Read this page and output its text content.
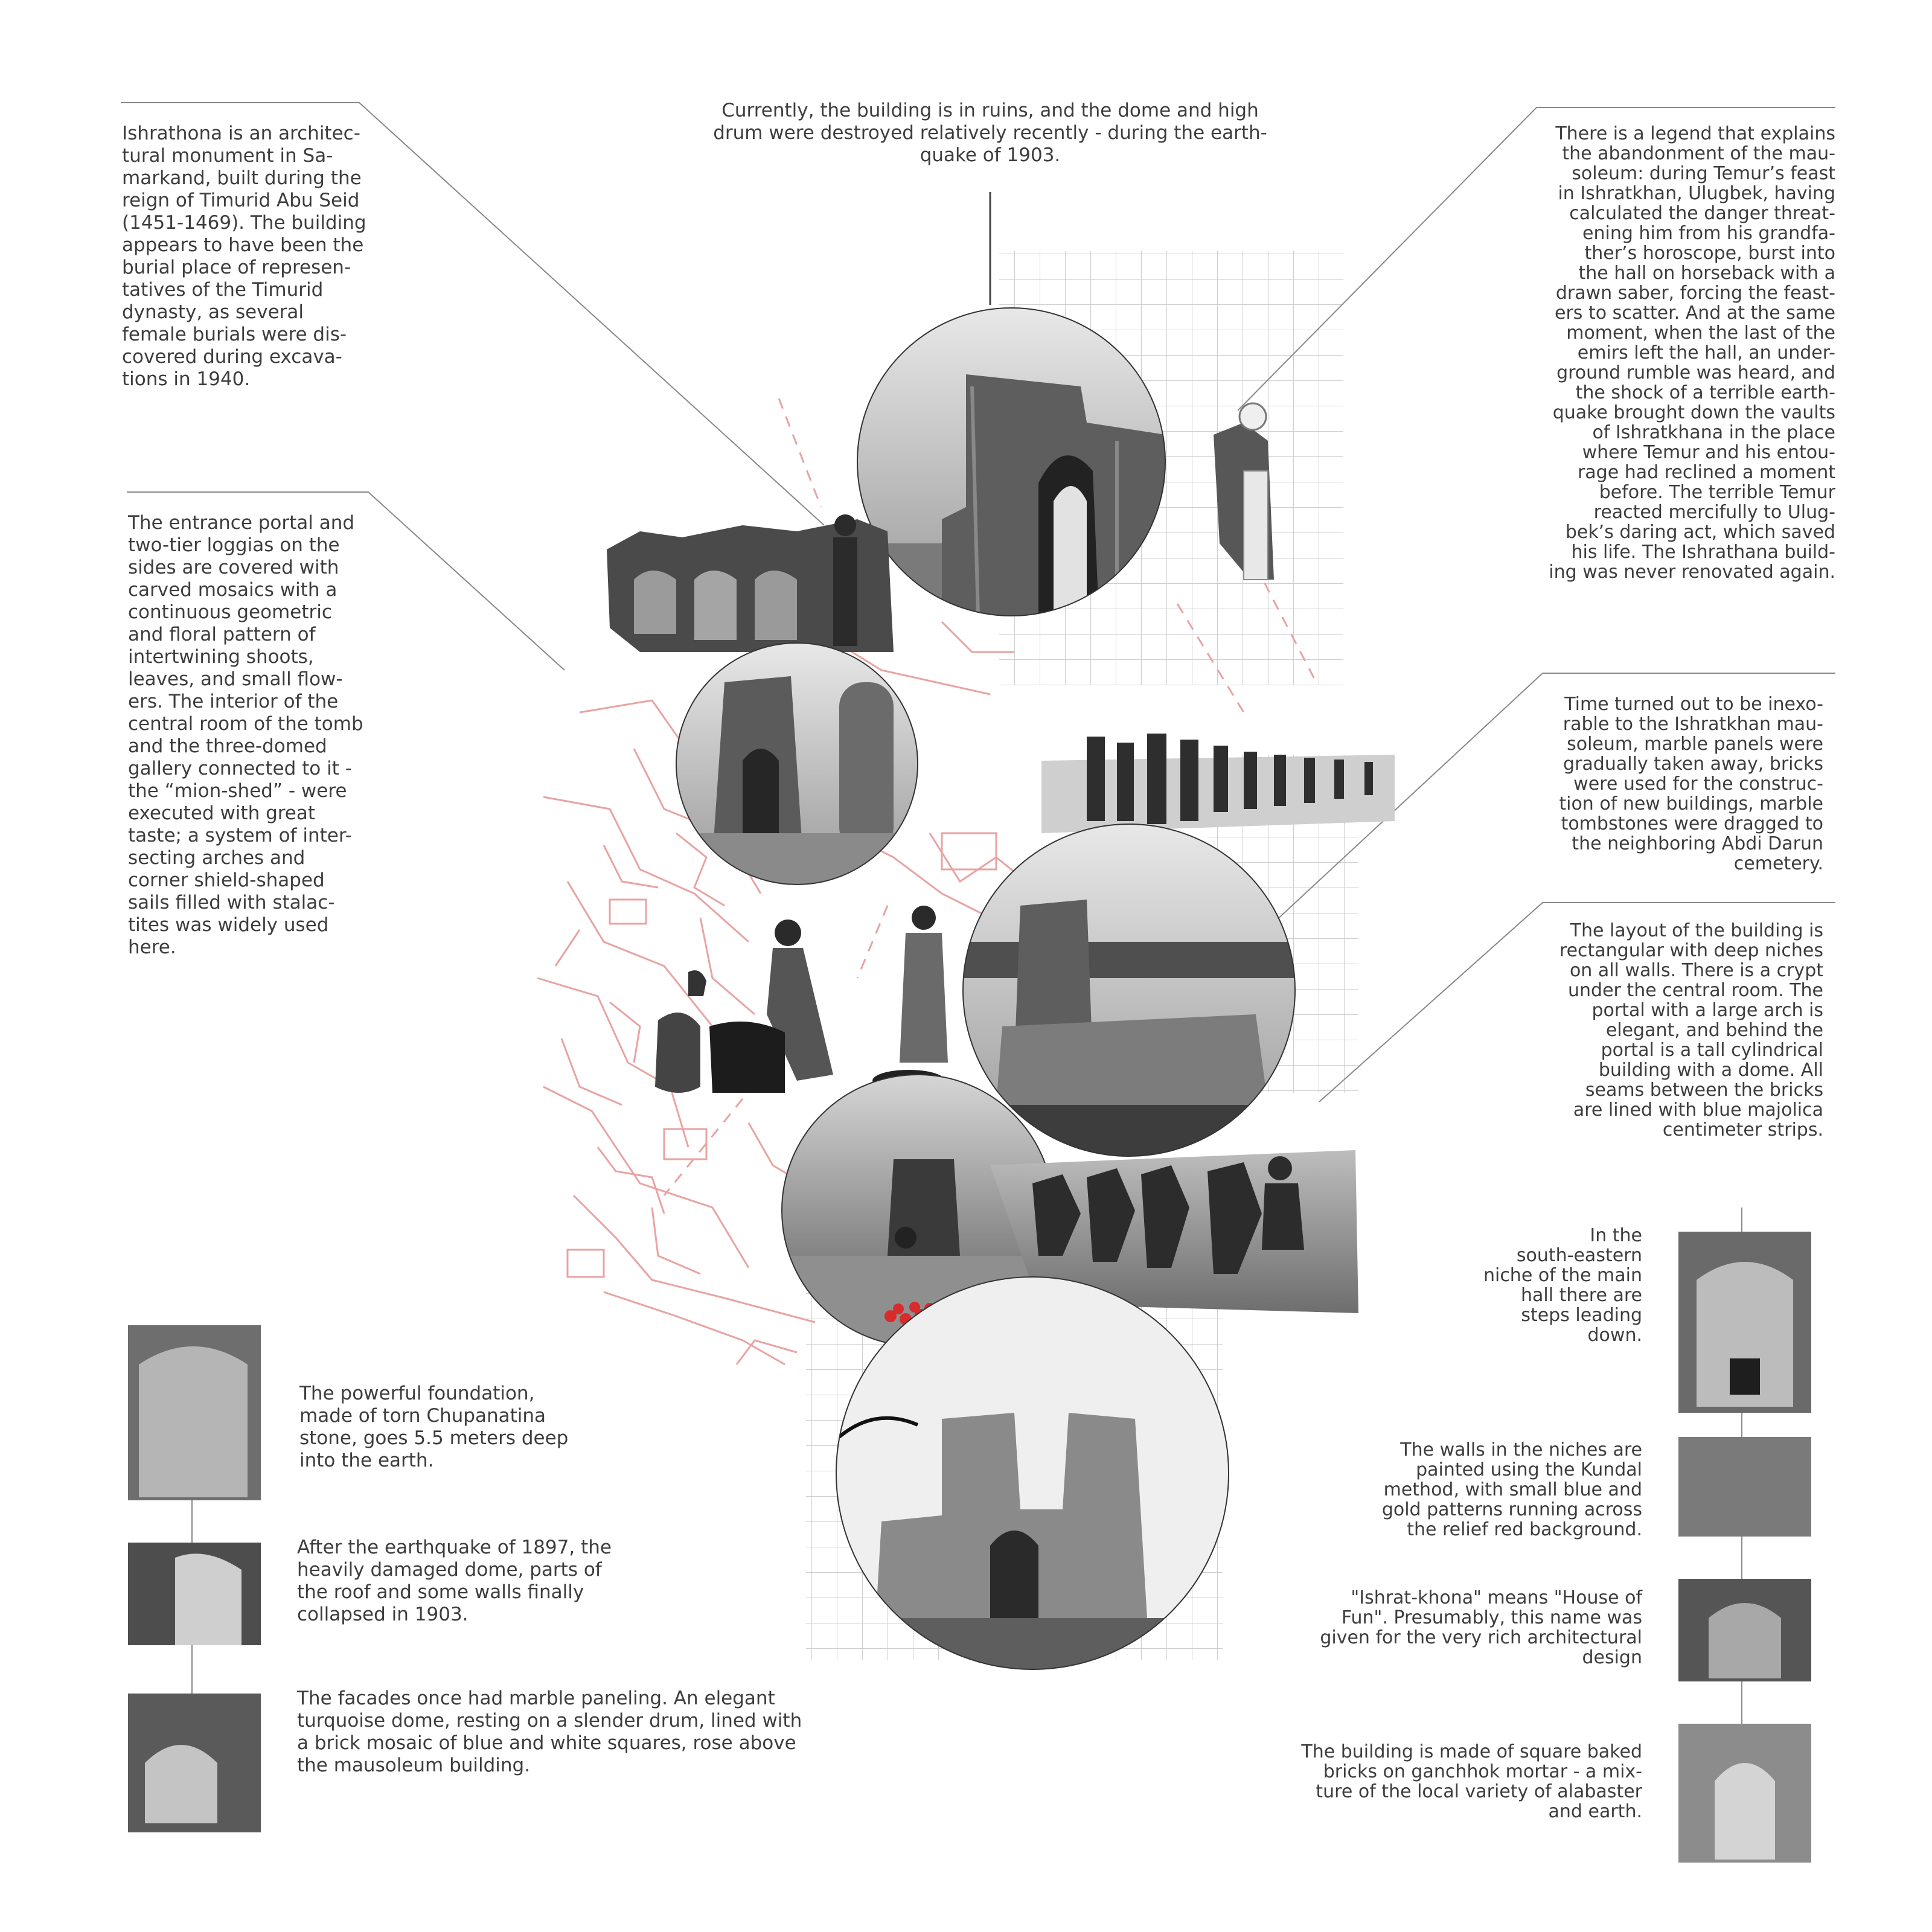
Ishrathona is an architec-
tural monument in Sa-
markand, built during the
reign of Timurid Abu Seid
(1451-1469). The building
appears to have been the
burial place of represen-
tatives of the Timurid
dynasty, as several
female burials were dis-
covered during excava-
tions in 1940.
Currently, the building is in ruins, and the dome and high
drum were destroyed relatively recently - during the earth-
quake of 1903.
There is a legend that explains
the abandonment of the mau-
soleum: during Temur’s feast
in Ishratkhan, Ulugbek, having
calculated the danger threat-
ening him from his grandfa-
ther’s horoscope, burst into
the hall on horseback with a
drawn saber, forcing the feast-
ers to scatter. And at the same
moment, when the last of the
emirs left the hall, an under-
ground rumble was heard, and
the shock of a terrible earth-
quake brought down the vaults
of Ishratkhana in the place
where Temur and his entou-
rage had reclined a moment
before. The terrible Temur
reacted mercifully to Ulug-
bek’s daring act, which saved
his life. The Ishrathana build-
ing was never renovated again.
The entrance portal and
two-tier loggias on the
sides are covered with
carved mosaics with a
continuous geometric
and floral pattern of
intertwining shoots,
leaves, and small flow-
ers. The interior of the
central room of the tomb
and the three-domed
gallery connected to it -
the “mion-shed” - were
executed with great
taste; a system of inter-
secting arches and
corner shield-shaped
sails filled with stalac-
tites was widely used
here.
Time turned out to be inexo-
rable to the Ishratkhan mau-
soleum, marble panels were
gradually taken away, bricks
were used for the construc-
tion of new buildings, marble
tombstones were dragged to
the neighboring Abdi Darun
cemetery.
The layout of the building is
rectangular with deep niches
on all walls. There is a crypt
under the central room. The
portal with a large arch is
elegant, and behind the
portal is a tall cylindrical
building with a dome. All
seams between the bricks
are lined with blue majolica
centimeter strips.
In the
south-eastern
niche of the main
hall there are
steps leading
down.
The walls in the niches are
painted using the Kundal
method, with small blue and
gold patterns running across
the relief red background.
"Ishrat-khona" means "House of
Fun". Presumably, this name was
given for the very rich architectural
design
The building is made of square baked
bricks on ganchhok mortar - a mix-
ture of the local variety of alabaster
and earth.
The powerful foundation,
made of torn Chupanatina
stone, goes 5.5 meters deep
into the earth.
After the earthquake of 1897, the
heavily damaged dome, parts of
the roof and some walls finally
collapsed in 1903.
The facades once had marble paneling. An elegant
turquoise dome, resting on a slender drum, lined with
a brick mosaic of blue and white squares, rose above
the mausoleum building.
